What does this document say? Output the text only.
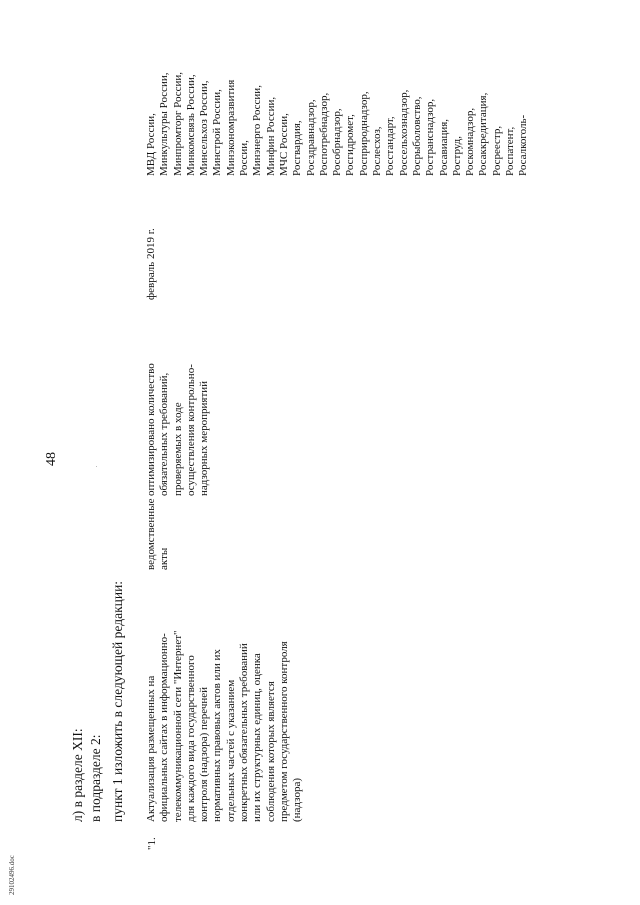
48
л) в разделе XII: в подразделе 2: пункт 1 изложить в следующей редакции:
"1.
Актуализация размещенных на официальных сайтах в информационно- телекоммуникационной сети "Интернет" для каждого вида государственного контроля (надзора) перечней нормативных правовых актов или их отдельных частей с указанием конкретных обязательных требований или их структурных единиц, оценка соблюдения которых является предметом государственного контроля (надзора)
ведомственные акты
оптимизировано количество обязательных требований, проверяемых в ходе осуществления контрольно- надзорных мероприятий
февраль 2019 г.
МВД России, Минкультуры России, Минпромторг России, Минкомсвязь России, Минсельхоз России, Минстрой России, Минэкономразвития России, Минэнерго России, Минфин России, МЧС России, Росгвардия, Росздравнадзор, Роспотребнадзор, Рособрнадзор, Росгидромет, Росприроднадзор, Рослесхоз, Росстандарт, Россельхознадзор, Росрыболовство, Ространснадзор, Росавиация, Роструд, Роскомнадзор, Росаккредитация, Росреестр, Роспатент, Росалкоголь-
29102496.doc
